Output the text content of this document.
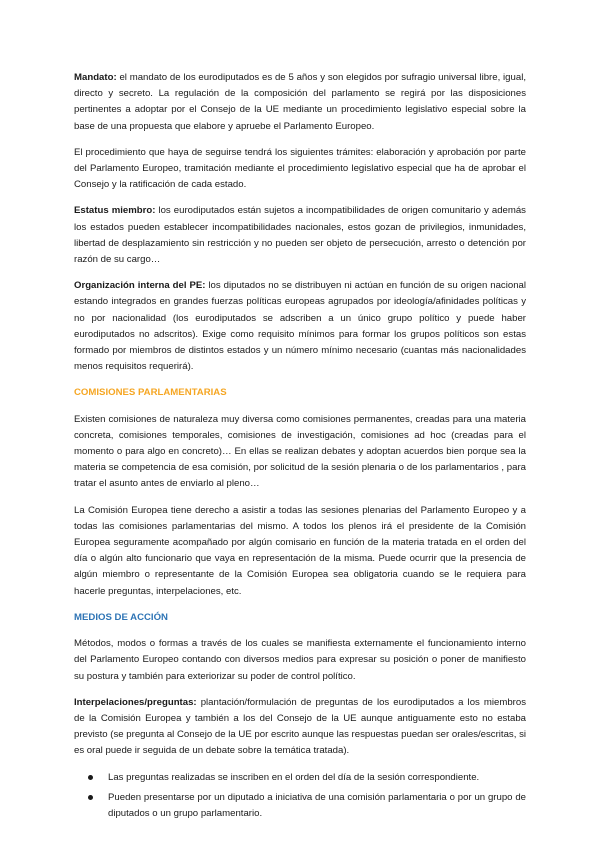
Mandato: el mandato de los eurodiputados es de 5 años y son elegidos por sufragio universal libre, igual, directo y secreto. La regulación de la composición del parlamento se regirá por las disposiciones pertinentes a adoptar por el Consejo de la UE mediante un procedimiento legislativo especial sobre la base de una propuesta que elabore y apruebe el Parlamento Europeo.

El procedimiento que haya de seguirse tendrá los siguientes trámites: elaboración y aprobación por parte del Parlamento Europeo, tramitación mediante el procedimiento legislativo especial que ha de aprobar el Consejo y la ratificación de cada estado.

Estatus miembro: los eurodiputados están sujetos a incompatibilidades de origen comunitario y además los estados pueden establecer incompatibilidades nacionales, estos gozan de privilegios, inmunidades, libertad de desplazamiento sin restricción y no pueden ser objeto de persecución, arresto o detención por razón de su cargo…

Organización interna del PE: los diputados no se distribuyen ni actúan en función de su origen nacional estando integrados en grandes fuerzas políticas europeas agrupados por ideología/afinidades políticas y no por nacionalidad (los eurodiputados se adscriben a un único grupo político y puede haber eurodiputados no adscritos). Exige como requisito mínimos para formar los grupos políticos son estas formado por miembros de distintos estados y un número mínimo necesario (cuantas más nacionalidades menos requisitos requerirá).

COMISIONES PARLAMENTARIAS

Existen comisiones de naturaleza muy diversa como comisiones permanentes, creadas para una materia concreta, comisiones temporales, comisiones de investigación, comisiones ad hoc (creadas para el momento o para algo en concreto)… En ellas se realizan debates y adoptan acuerdos bien porque sea la materia se competencia de esa comisión, por solicitud de la sesión plenaria o de los parlamentarios , para tratar el asunto antes de enviarlo al pleno…

La Comisión Europea tiene derecho a asistir a todas las sesiones plenarias del Parlamento Europeo y a todas las comisiones parlamentarias del mismo. A todos los plenos irá el presidente de la Comisión Europea seguramente acompañado por algún comisario en función de la materia tratada en el orden del día o algún alto funcionario que vaya en representación de la misma. Puede ocurrir que la presencia de algún miembro o representante de la Comisión Europea sea obligatoria cuando se le requiera para hacerle preguntas, interpelaciones, etc.

MEDIOS DE ACCIÓN

Métodos, modos o formas a través de los cuales se manifiesta externamente el funcionamiento interno del Parlamento Europeo contando con diversos medios para expresar su posición o poner de manifiesto su postura y también para exteriorizar su poder de control político.

Interpelaciones/preguntas: plantación/formulación de preguntas de los eurodiputados a los miembros de la Comisión Europea y también a los del Consejo de la UE aunque antiguamente esto no estaba previsto (se pregunta al Consejo de la UE por escrito aunque las respuestas puedan ser orales/escritas, si es oral puede ir seguida de un debate sobre la temática tratada).

Las preguntas realizadas se inscriben en el orden del día de la sesión correspondiente.
Pueden presentarse por un diputado a iniciativa de una comisión parlamentaria o por un grupo de diputados o un grupo parlamentario.
